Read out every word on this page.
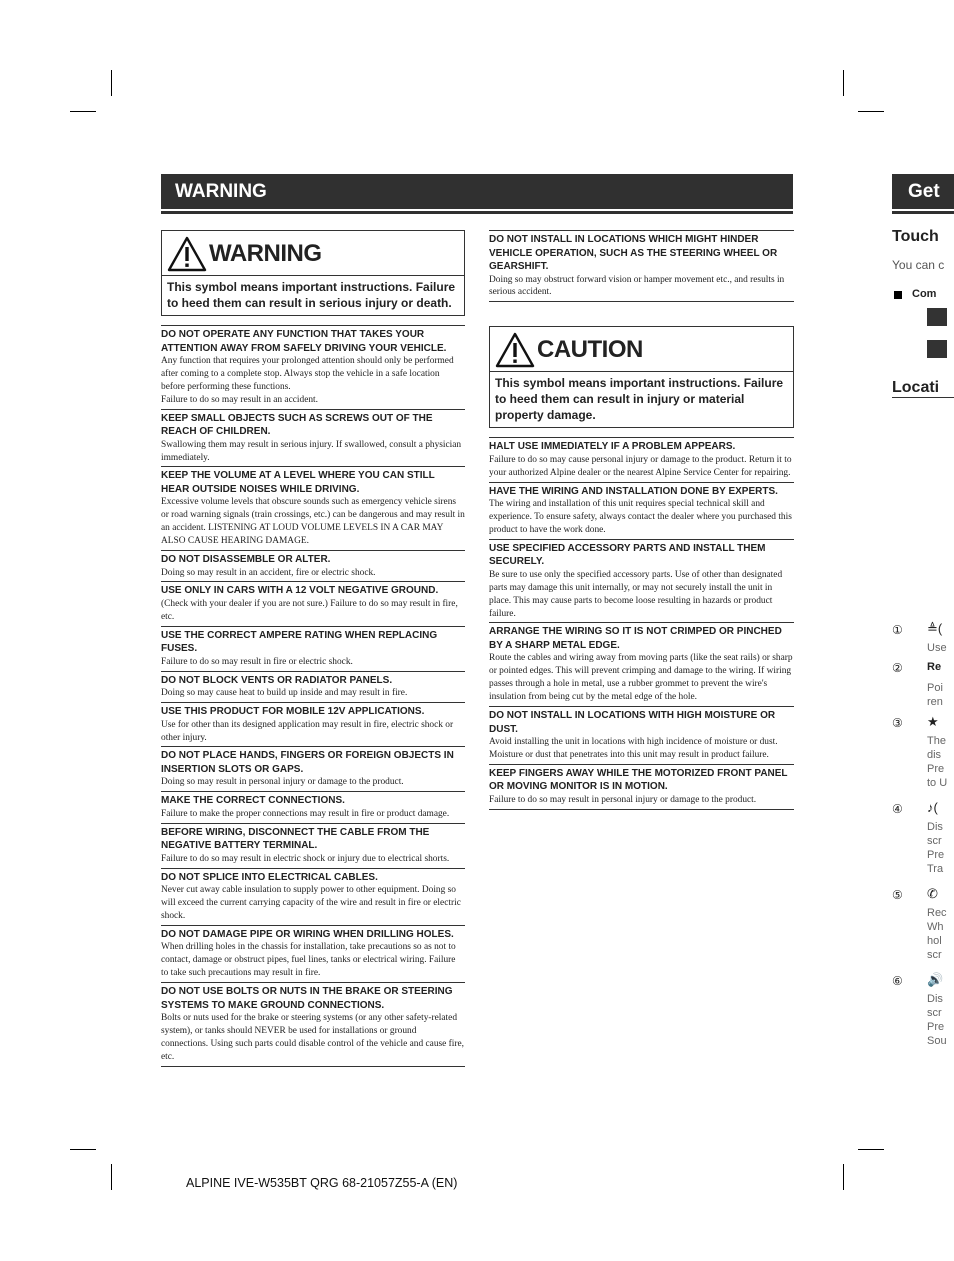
WARNING
WARNING
This symbol means important instructions. Failure to heed them can result in serious injury or death.
DO NOT OPERATE ANY FUNCTION THAT TAKES YOUR ATTENTION AWAY FROM SAFELY DRIVING YOUR VEHICLE.
Any function that requires your prolonged attention should only be performed after coming to a complete stop. Always stop the vehicle in a safe location before performing these functions.
Failure to do so may result in an accident.
KEEP SMALL OBJECTS SUCH AS SCREWS OUT OF THE REACH OF CHILDREN.
Swallowing them may result in serious injury. If swallowed, consult a physician immediately.
KEEP THE VOLUME AT A LEVEL WHERE YOU CAN STILL HEAR OUTSIDE NOISES WHILE DRIVING.
Excessive volume levels that obscure sounds such as emergency vehicle sirens or road warning signals (train crossings, etc.) can be dangerous and may result in an accident. LISTENING AT LOUD VOLUME LEVELS IN A CAR MAY ALSO CAUSE HEARING DAMAGE.
DO NOT DISASSEMBLE OR ALTER.
Doing so may result in an accident, fire or electric shock.
USE ONLY IN CARS WITH A 12 VOLT NEGATIVE GROUND.
(Check with your dealer if you are not sure.) Failure to do so may result in fire, etc.
USE THE CORRECT AMPERE RATING WHEN REPLACING FUSES.
Failure to do so may result in fire or electric shock.
DO NOT BLOCK VENTS OR RADIATOR PANELS.
Doing so may cause heat to build up inside and may result in fire.
USE THIS PRODUCT FOR MOBILE 12V APPLICATIONS.
Use for other than its designed application may result in fire, electric shock or other injury.
DO NOT PLACE HANDS, FINGERS OR FOREIGN OBJECTS IN INSERTION SLOTS OR GAPS.
Doing so may result in personal injury or damage to the product.
MAKE THE CORRECT CONNECTIONS.
Failure to make the proper connections may result in fire or product damage.
BEFORE WIRING, DISCONNECT THE CABLE FROM THE NEGATIVE BATTERY TERMINAL.
Failure to do so may result in electric shock or injury due to electrical shorts.
DO NOT SPLICE INTO ELECTRICAL CABLES.
Never cut away cable insulation to supply power to other equipment. Doing so will exceed the current carrying capacity of the wire and result in fire or electric shock.
DO NOT DAMAGE PIPE OR WIRING WHEN DRILLING HOLES.
When drilling holes in the chassis for installation, take precautions so as not to contact, damage or obstruct pipes, fuel lines, tanks or electrical wiring. Failure to take such precautions may result in fire.
DO NOT USE BOLTS OR NUTS IN THE BRAKE OR STEERING SYSTEMS TO MAKE GROUND CONNECTIONS.
Bolts or nuts used for the brake or steering systems (or any other safety-related system), or tanks should NEVER be used for installations or ground connections. Using such parts could disable control of the vehicle and cause fire, etc.
DO NOT INSTALL IN LOCATIONS WHICH MIGHT HINDER VEHICLE OPERATION, SUCH AS THE STEERING WHEEL OR GEARSHIFT.
Doing so may obstruct forward vision or hamper movement etc., and results in serious accident.
CAUTION
This symbol means important instructions. Failure to heed them can result in injury or material property damage.
HALT USE IMMEDIATELY IF A PROBLEM APPEARS.
Failure to do so may cause personal injury or damage to the product. Return it to your authorized Alpine dealer or the nearest Alpine Service Center for repairing.
HAVE THE WIRING AND INSTALLATION DONE BY EXPERTS.
The wiring and installation of this unit requires special technical skill and experience. To ensure safety, always contact the dealer where you purchased this product to have the work done.
USE SPECIFIED ACCESSORY PARTS AND INSTALL THEM SECURELY.
Be sure to use only the specified accessory parts. Use of other than designated parts may damage this unit internally, or may not securely install the unit in place. This may cause parts to become loose resulting in hazards or product failure.
ARRANGE THE WIRING SO IT IS NOT CRIMPED OR PINCHED BY A SHARP METAL EDGE.
Route the cables and wiring away from moving parts (like the seat rails) or sharp or pointed edges. This will prevent crimping and damage to the wiring. If wiring passes through a hole in metal, use a rubber grommet to prevent the wire's insulation from being cut by the metal edge of the hole.
DO NOT INSTALL IN LOCATIONS WITH HIGH MOISTURE OR DUST.
Avoid installing the unit in locations with high incidence of moisture or dust. Moisture or dust that penetrates into this unit may result in product failure.
KEEP FINGERS AWAY WHILE THE MOTORIZED FRONT PANEL OR MOVING MONITOR IS IN MOTION.
Failure to do so may result in personal injury or damage to the product.
Get
Touch
You can c
Com
Locati
① ≜(
Use
② Re
Poi
ren
③ ★
The
dis
Pre
to U
④ ♪(
Dis
scr
Pre
Tra
⑤ ✆
Rec
Wh
hol
scr
⑥ 🔊
Dis
scr
Pre
Sou
ALPINE IVE-W535BT QRG 68-21057Z55-A (EN)
